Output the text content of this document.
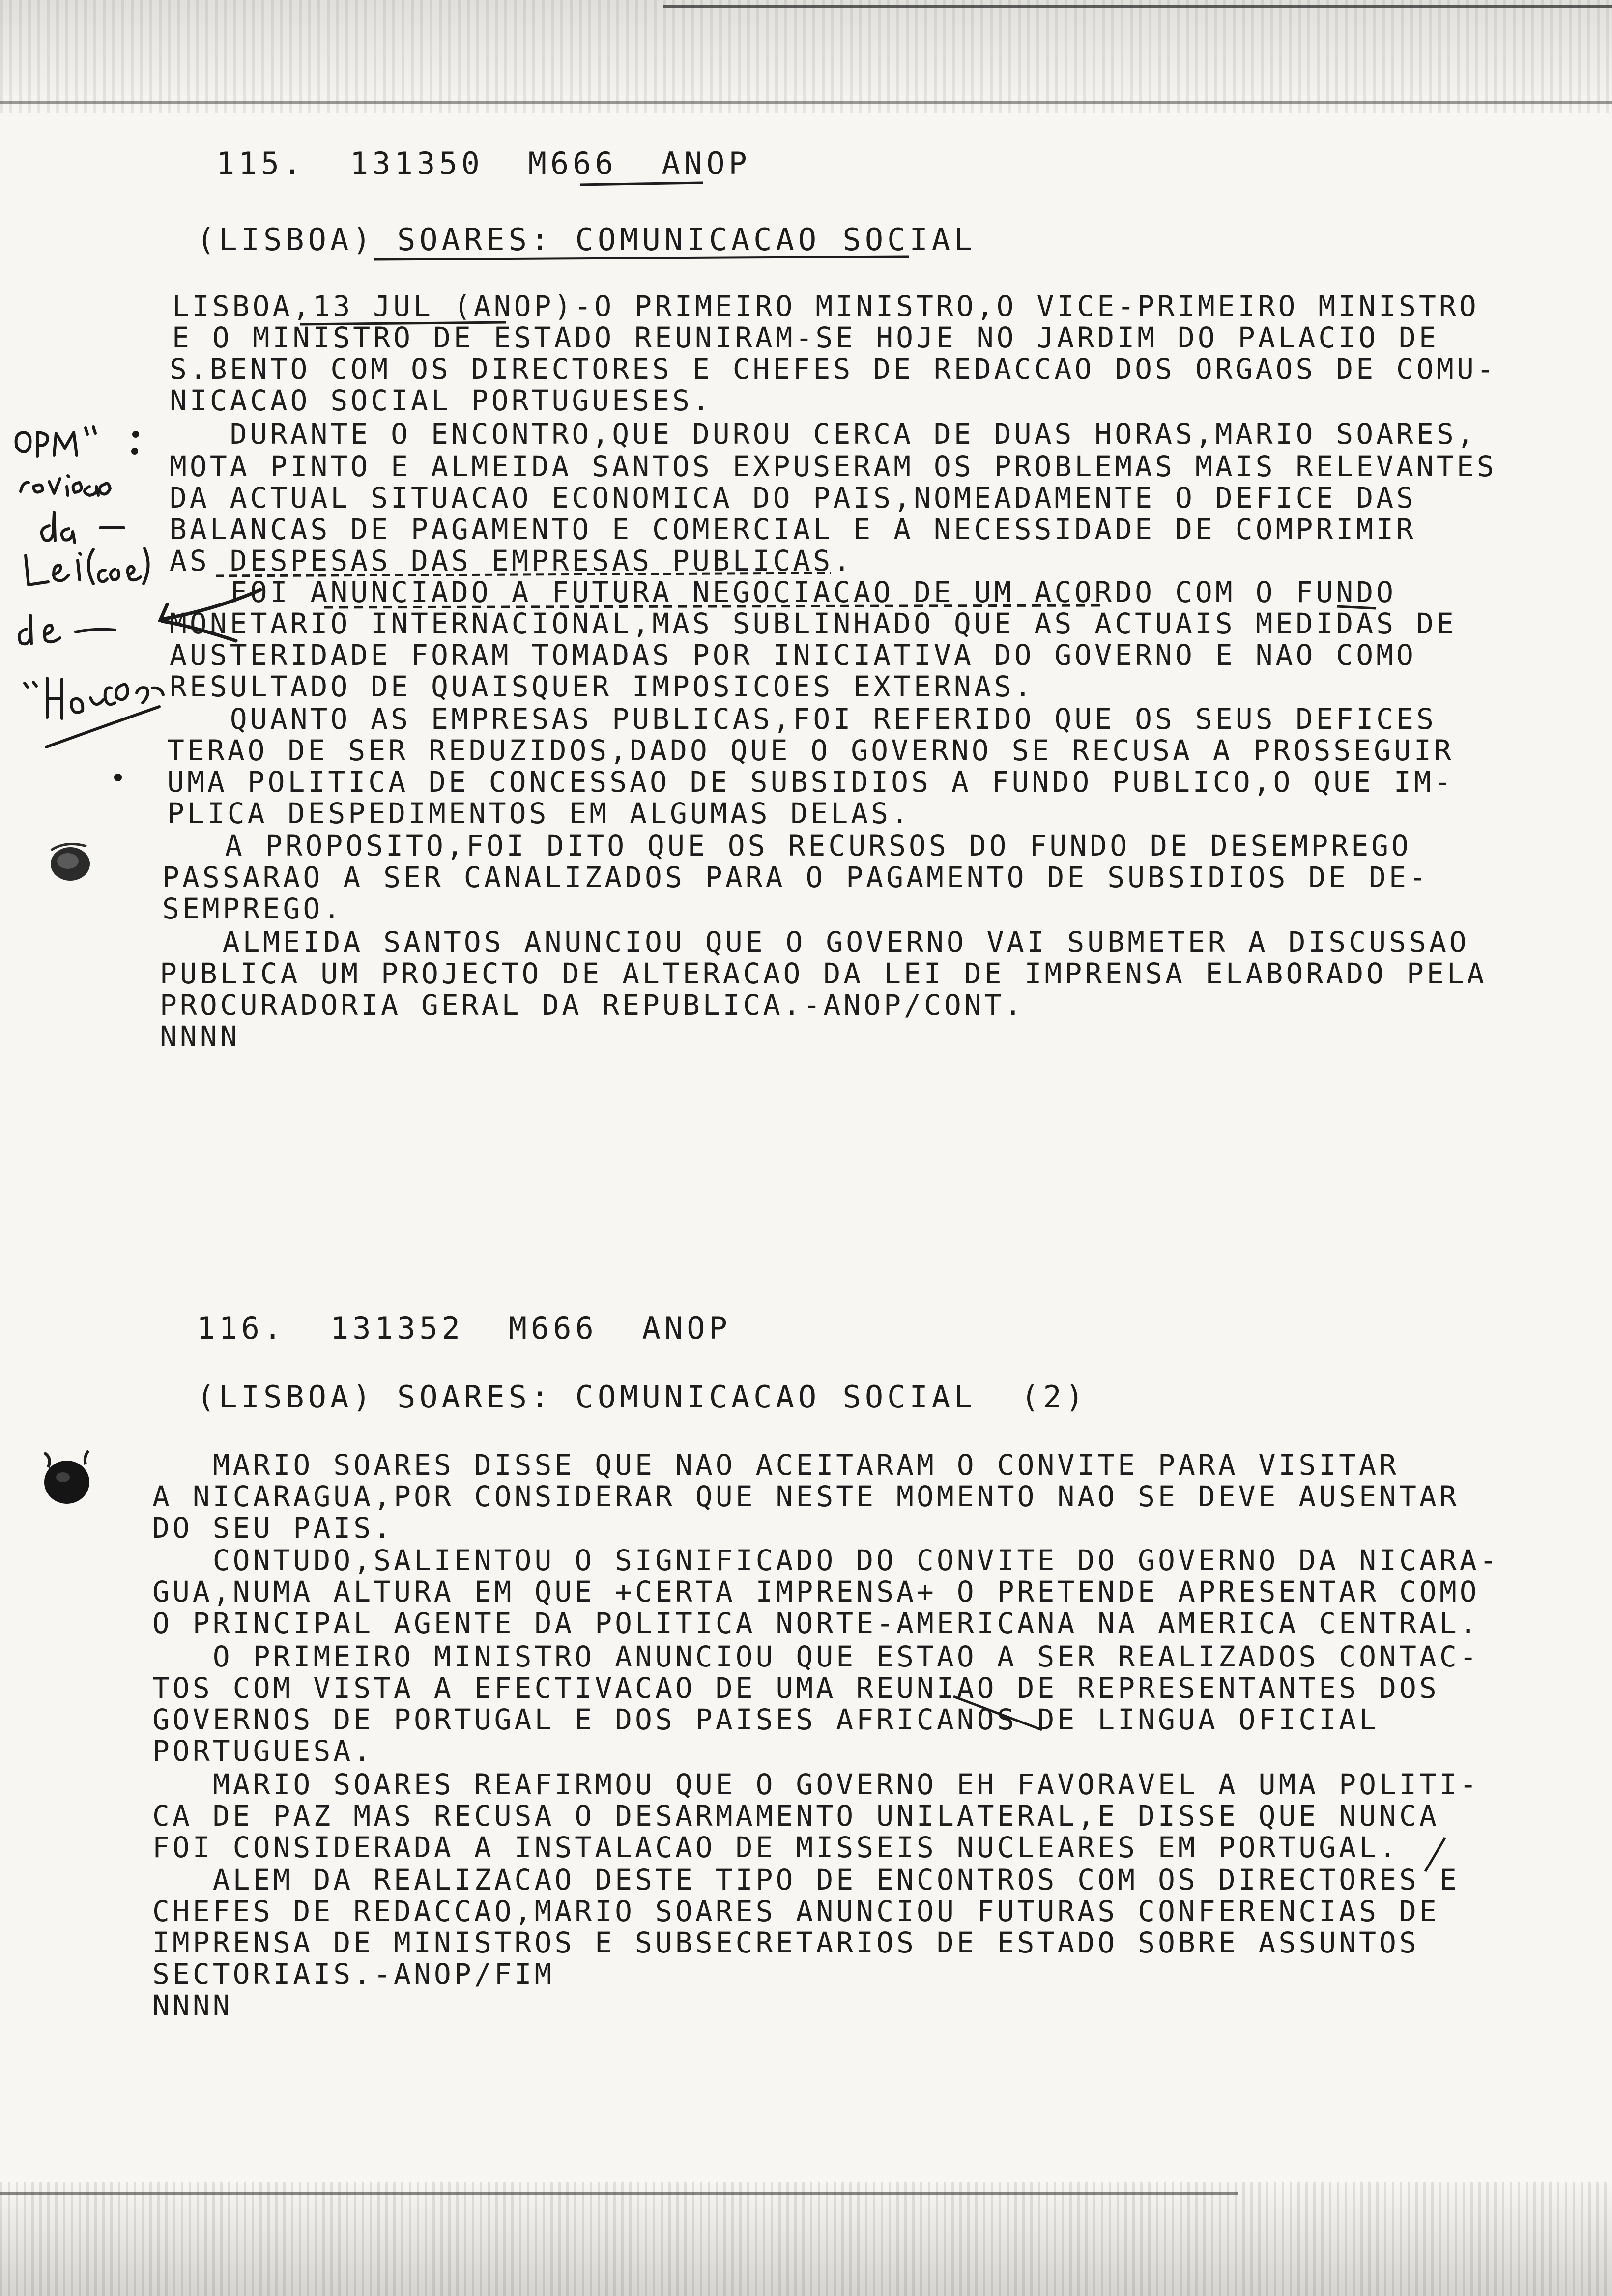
115.  131350  M666  ANOP
(LISBOA) SOARES: COMUNICACAO SOCIAL
LISBOA,13 JUL (ANOP)-O PRIMEIRO MINISTRO,O VICE-PRIMEIRO MINISTRO
E O MINISTRO DE ESTADO REUNIRAM-SE HOJE NO JARDIM DO PALACIO DE
S.BENTO COM OS DIRECTORES E CHEFES DE REDACCAO DOS ORGAOS DE COMU-
NICACAO SOCIAL PORTUGUESES.
DURANTE O ENCONTRO,QUE DUROU CERCA DE DUAS HORAS,MARIO SOARES,
MOTA PINTO E ALMEIDA SANTOS EXPUSERAM OS PROBLEMAS MAIS RELEVANTES
DA ACTUAL SITUACAO ECONOMICA DO PAIS,NOMEADAMENTE O DEFICE DAS
BALANCAS DE PAGAMENTO E COMERCIAL E A NECESSIDADE DE COMPRIMIR
AS DESPESAS DAS EMPRESAS PUBLICAS.
FOI ANUNCIADO A FUTURA NEGOCIACAO DE UM ACORDO COM O FUNDO
MONETARIO INTERNACIONAL,MAS SUBLINHADO QUE AS ACTUAIS MEDIDAS DE
AUSTERIDADE FORAM TOMADAS POR INICIATIVA DO GOVERNO E NAO COMO
RESULTADO DE QUAISQUER IMPOSICOES EXTERNAS.
QUANTO AS EMPRESAS PUBLICAS,FOI REFERIDO QUE OS SEUS DEFICES
TERAO DE SER REDUZIDOS,DADO QUE O GOVERNO SE RECUSA A PROSSEGUIR
UMA POLITICA DE CONCESSAO DE SUBSIDIOS A FUNDO PUBLICO,O QUE IM-
PLICA DESPEDIMENTOS EM ALGUMAS DELAS.
A PROPOSITO,FOI DITO QUE OS RECURSOS DO FUNDO DE DESEMPREGO
PASSARAO A SER CANALIZADOS PARA O PAGAMENTO DE SUBSIDIOS DE DE-
SEMPREGO.
ALMEIDA SANTOS ANUNCIOU QUE O GOVERNO VAI SUBMETER A DISCUSSAO
PUBLICA UM PROJECTO DE ALTERACAO DA LEI DE IMPRENSA ELABORADO PELA
PROCURADORIA GERAL DA REPUBLICA.-ANOP/CONT.
NNNN
116.  131352  M666  ANOP
(LISBOA) SOARES: COMUNICACAO SOCIAL  (2)
MARIO SOARES DISSE QUE NAO ACEITARAM O CONVITE PARA VISITAR
A NICARAGUA,POR CONSIDERAR QUE NESTE MOMENTO NAO SE DEVE AUSENTAR
DO SEU PAIS.
CONTUDO,SALIENTOU O SIGNIFICADO DO CONVITE DO GOVERNO DA NICARA-
GUA,NUMA ALTURA EM QUE +CERTA IMPRENSA+ O PRETENDE APRESENTAR COMO
O PRINCIPAL AGENTE DA POLITICA NORTE-AMERICANA NA AMERICA CENTRAL.
O PRIMEIRO MINISTRO ANUNCIOU QUE ESTAO A SER REALIZADOS CONTAC-
TOS COM VISTA A EFECTIVACAO DE UMA REUNIAO DE REPRESENTANTES DOS
GOVERNOS DE PORTUGAL E DOS PAISES AFRICANOS DE LINGUA OFICIAL
PORTUGUESA.
MARIO SOARES REAFIRMOU QUE O GOVERNO EH FAVORAVEL A UMA POLITI-
CA DE PAZ MAS RECUSA O DESARMAMENTO UNILATERAL,E DISSE QUE NUNCA
FOI CONSIDERADA A INSTALACAO DE MISSEIS NUCLEARES EM PORTUGAL.
ALEM DA REALIZACAO DESTE TIPO DE ENCONTROS COM OS DIRECTORES E
CHEFES DE REDACCAO,MARIO SOARES ANUNCIOU FUTURAS CONFERENCIAS DE
IMPRENSA DE MINISTROS E SUBSECRETARIOS DE ESTADO SOBRE ASSUNTOS
SECTORIAIS.-ANOP/FIM
NNNN
